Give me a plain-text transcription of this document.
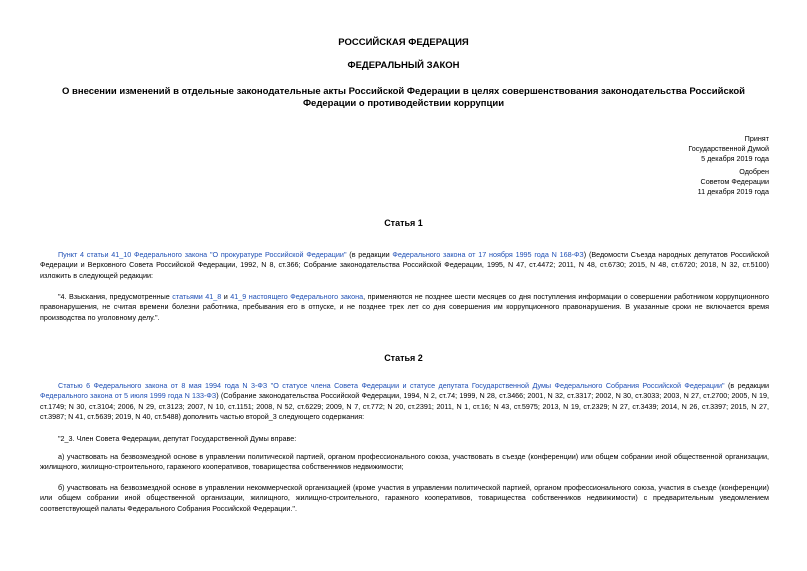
РОССИЙСКАЯ ФЕДЕРАЦИЯ
ФЕДЕРАЛЬНЫЙ ЗАКОН
О внесении изменений в отдельные законодательные акты Российской Федерации в целях совершенствования законодательства Российской Федерации о противодействии коррупции
Принят
Государственной Думой
5 декабря 2019 года
Одобрен
Советом Федерации
11 декабря 2019 года
Статья 1
Пункт 4 статьи 41_10 Федерального закона "О прокуратуре Российской Федерации" (в редакции Федерального закона от 17 ноября 1995 года N 168-ФЗ) (Ведомости Съезда народных депутатов Российской Федерации и Верховного Совета Российской Федерации, 1992, N 8, ст.366; Собрание законодательства Российской Федерации, 1995, N 47, ст.4472; 2011, N 48, ст.6730; 2015, N 48, ст.6720; 2018, N 32, ст.5100) изложить в следующей редакции:
"4. Взыскания, предусмотренные статьями 41_8 и 41_9 настоящего Федерального закона, применяются не позднее шести месяцев со дня поступления информации о совершении работником коррупционного правонарушения, не считая времени болезни работника, пребывания его в отпуске, и не позднее трех лет со дня совершения им коррупционного правонарушения. В указанные сроки не включается время производства по уголовному делу.".
Статья 2
Статью 6 Федерального закона от 8 мая 1994 года N 3-ФЗ "О статусе члена Совета Федерации и статусе депутата Государственной Думы Федерального Собрания Российской Федерации" (в редакции Федерального закона от 5 июля 1999 года N 133-ФЗ) (Собрание законодательства Российской Федерации, 1994, N 2, ст.74; 1999, N 28, ст.3466; 2001, N 32, ст.3317; 2002, N 30, ст.3033; 2003, N 27, ст.2700; 2005, N 19, ст.1749; N 30, ст.3104; 2006, N 29, ст.3123; 2007, N 10, ст.1151; 2008, N 52, ст.6229; 2009, N 7, ст.772; N 20, ст.2391; 2011, N 1, ст.16; N 43, ст.5975; 2013, N 19, ст.2329; N 27, ст.3439; 2014, N 26, ст.3397; 2015, N 27, ст.3987; N 41, ст.5639; 2019, N 40, ст.5488) дополнить частью второй_3 следующего содержания:
"2_3. Член Совета Федерации, депутат Государственной Думы вправе:
а) участвовать на безвозмездной основе в управлении политической партией, органом профессионального союза, участвовать в съезде (конференции) или общем собрании иной общественной организации, жилищного, жилищно-строительного, гаражного кооперативов, товарищества собственников недвижимости;
б) участвовать на безвозмездной основе в управлении некоммерческой организацией (кроме участия в управлении политической партией, органом профессионального союза, участия в съезде (конференции) или общем собрании иной общественной организации, жилищного, жилищно-строительного, гаражного кооперативов, товарищества собственников недвижимости) с предварительным уведомлением соответствующей палаты Федерального Собрания Российской Федерации.".
